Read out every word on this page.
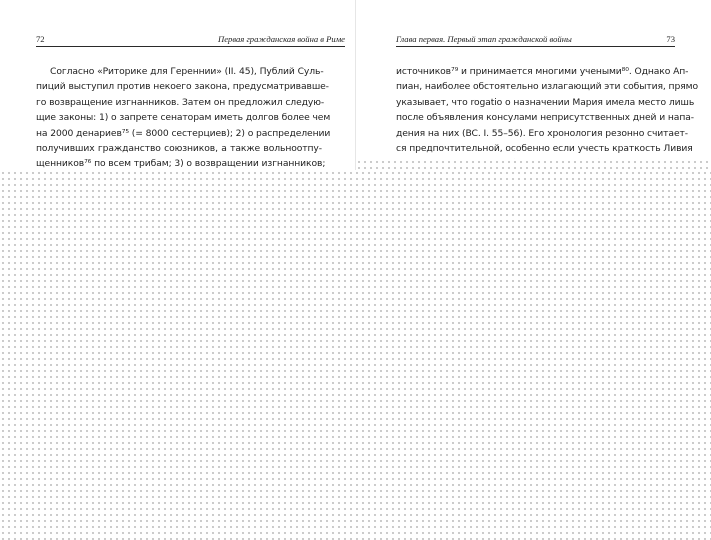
72	Первая гражданская война в Риме
Согласно «Риторике для Гереннии» (II. 45), Публий Суль-
пиций выступил против некоего закона, предусматривавше-
го возвращение изгнанников. Затем он предложил следую-
щие законы: 1) о запрете сенаторам иметь долгов более чем
на 2000 денариев⁷⁵ (= 8000 сестерциев); 2) о распределении
получивших гражданство союзников, а также вольноотпу-
щенников⁷⁶ по всем трибам; 3) о возвращении изгнанников;
Глава первая. Первый этап гражданской войны	73
источников⁷⁹ и принимается многими учеными⁸⁰. Однако Ап-
пиан, наиболее обстоятельно излагающий эти события, прямо
указывает, что rogatio о назначении Мария имела место лишь
после объявления консулами неприсутственных дней и напа-
дения на них (BC. I. 55–56). Его хронология резонно считает-
ся предпочтительной, особенно если учесть краткость Ливия
